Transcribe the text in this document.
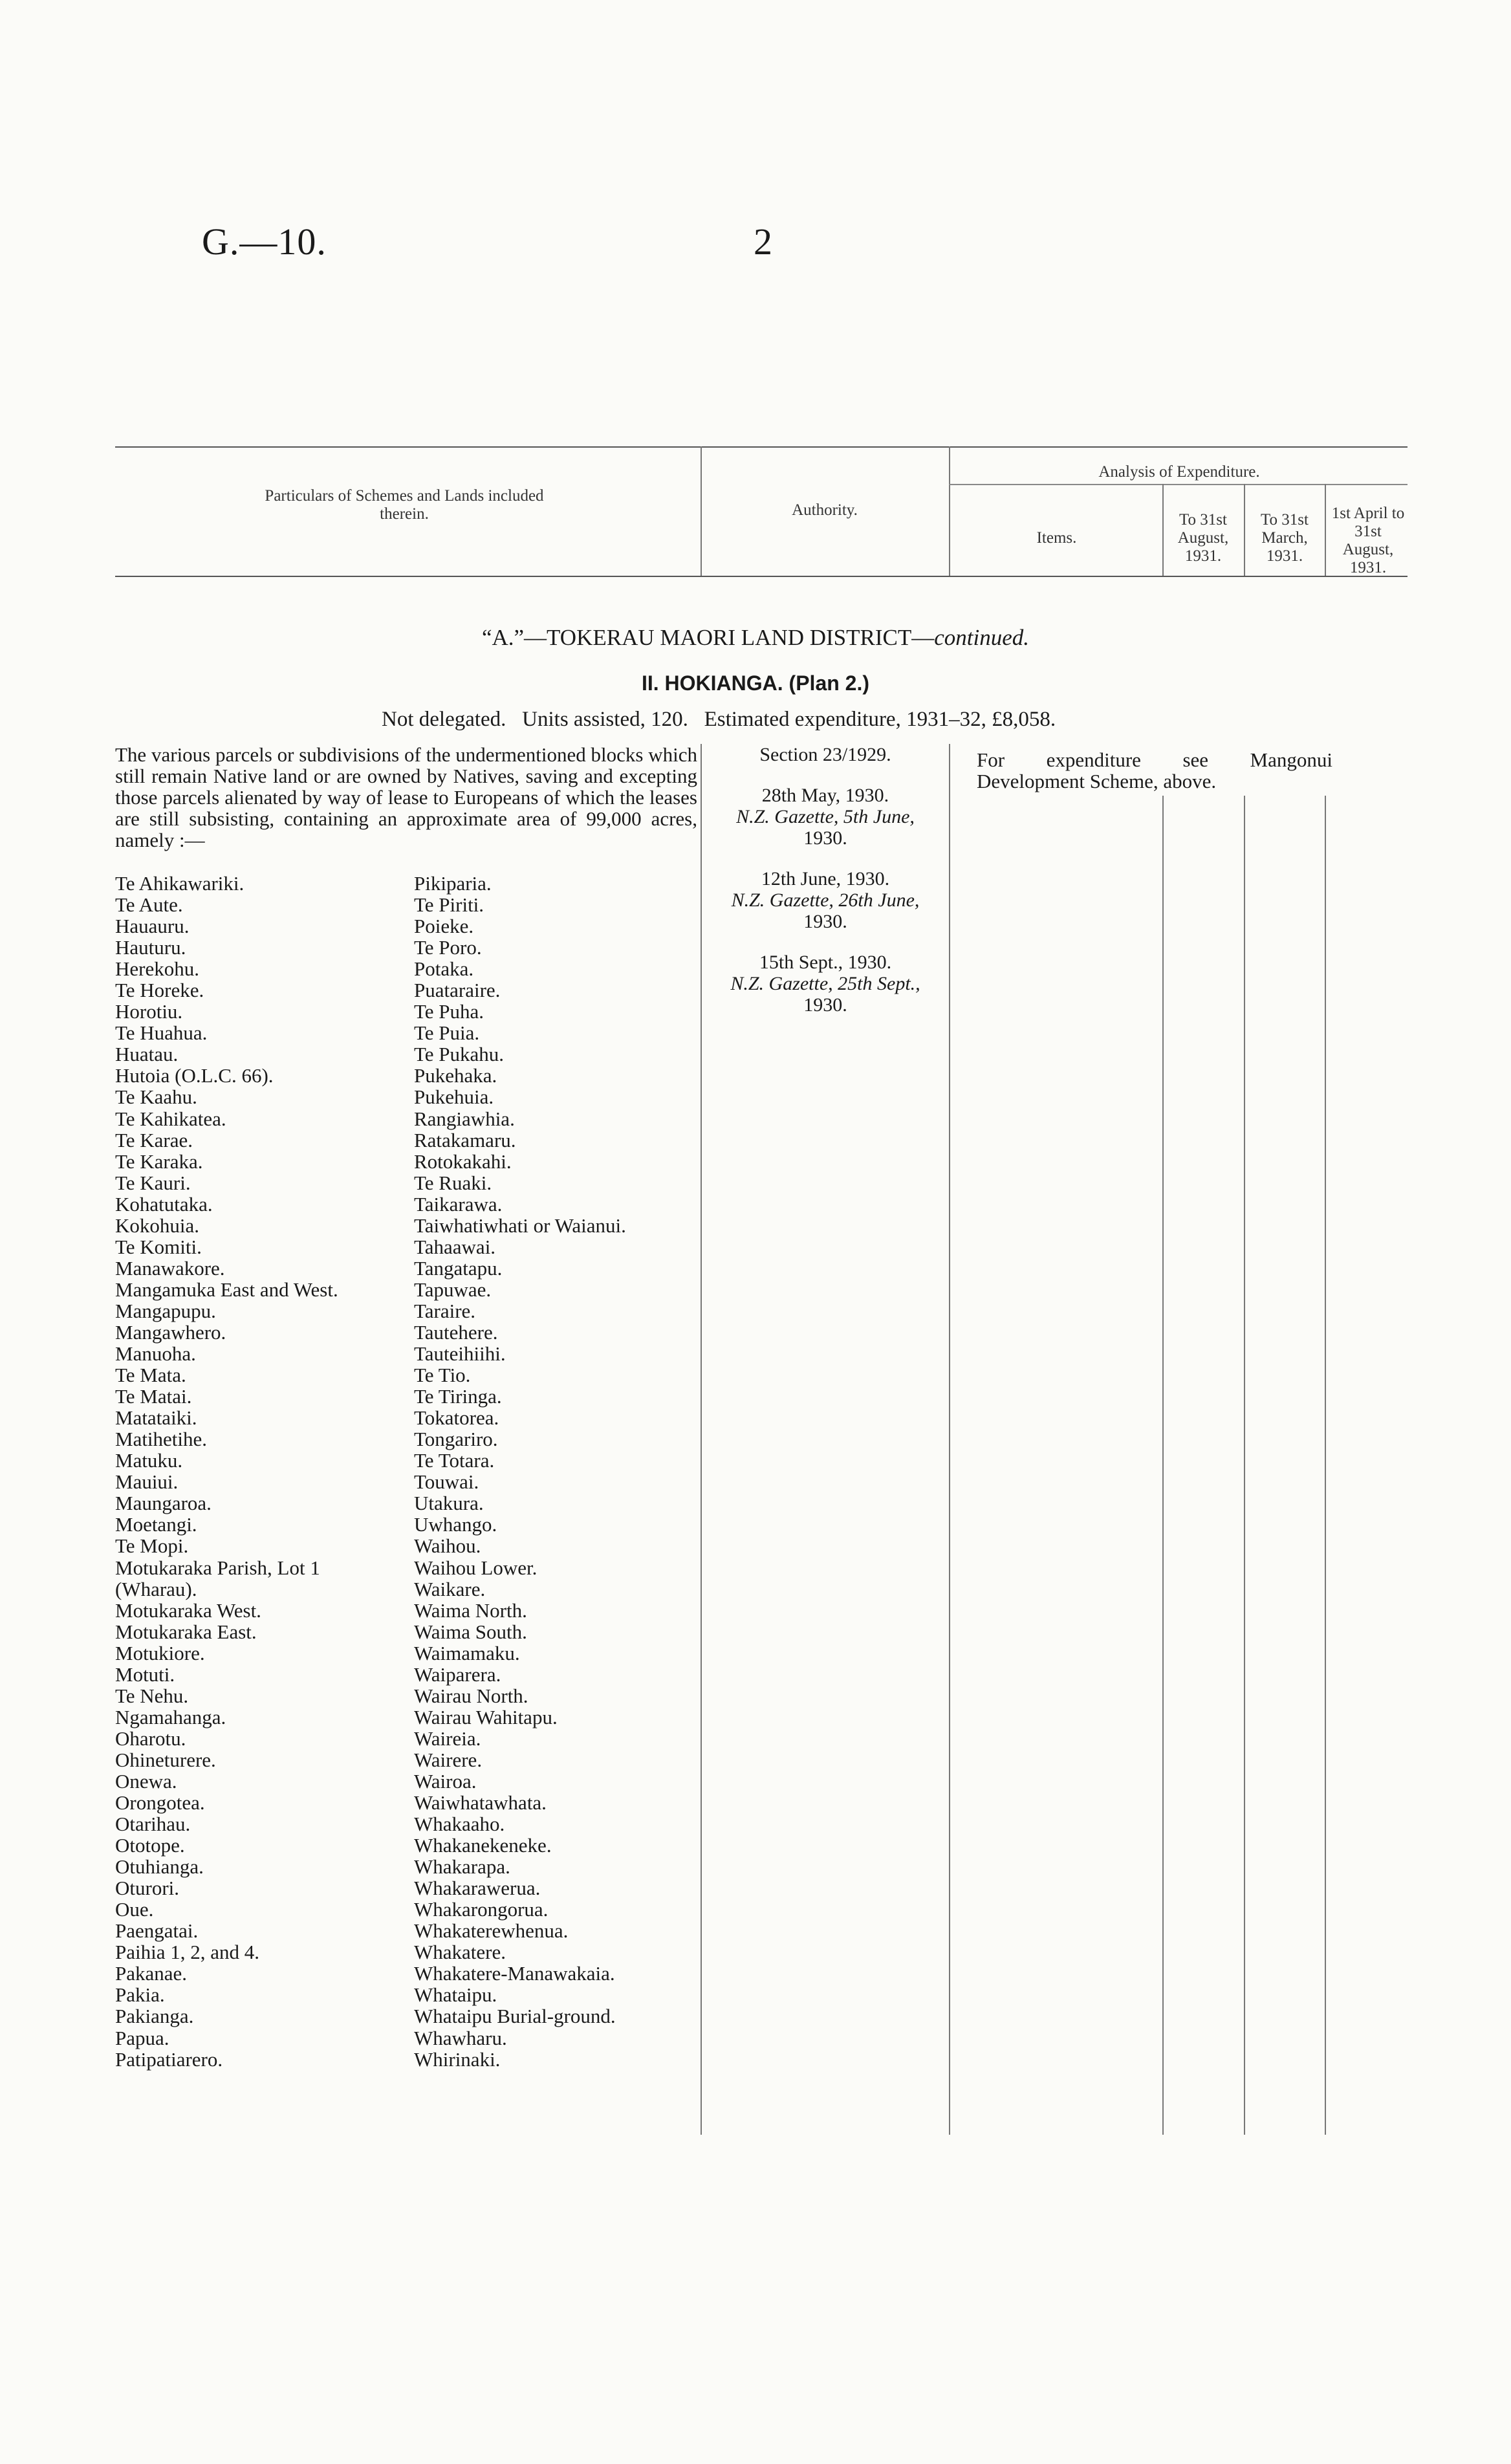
G.—10.	2
Particulars of Schemes and Lands included therein.	Authority.
Analysis of Expenditure.
Items.
To 31st August, 1931.
To 31st March, 1931.
1st April to 31st August, 1931.
“A.”—TOKERAU MAORI LAND DISTRICT—continued.
II. HOKIANGA. (Plan 2.)
Not delegated.   Units assisted, 120.   Estimated expenditure, 1931–32, £8,058.
The various parcels or subdivisions of the undermentioned blocks which still remain Native land or are owned by Natives, saving and excepting those parcels alienated by way of lease to Europeans of which the leases are still subsisting, containing an approximate area of 99,000 acres, namely :—
Te Ahikawariki.
Te Aute.
Hauauru.
Hauturu.
Herekohu.
Te Horeke.
Horotiu.
Te Huahua.
Huatau.
Hutoia (O.L.C. 66).
Te Kaahu.
Te Kahikatea.
Te Karae.
Te Karaka.
Te Kauri.
Kohatutaka.
Kokohuia.
Te Komiti.
Manawakore.
Mangamuka East and West.
Mangapupu.
Mangawhero.
Manuoha.
Te Mata.
Te Matai.
Matataiki.
Matihetihe.
Matuku.
Mauiui.
Maungaroa.
Moetangi.
Te Mopi.
Motukaraka Parish, Lot 1
(Wharau).
Motukaraka West.
Motukaraka East.
Motukiore.
Motuti.
Te Nehu.
Ngamahanga.
Oharotu.
Ohineturere.
Onewa.
Orongotea.
Otarihau.
Ototope.
Otuhianga.
Oturori.
Oue.
Paengatai.
Paihia 1, 2, and 4.
Pakanae.
Pakia.
Pakianga.
Papua.
Patipatiarero.
Pikiparia.
Te Piriti.
Poieke.
Te Poro.
Potaka.
Puataraire.
Te Puha.
Te Puia.
Te Pukahu.
Pukehaka.
Pukehuia.
Rangiawhia.
Ratakamaru.
Rotokakahi.
Te Ruaki.
Taikarawa.
Taiwhatiwhati or Waianui.
Tahaawai.
Tangatapu.
Tapuwae.
Taraire.
Tautehere.
Tauteihiihi.
Te Tio.
Te Tiringa.
Tokatorea.
Tongariro.
Te Totara.
Touwai.
Utakura.
Uwhango.
Waihou.
Waihou Lower.
Waikare.
Waima North.
Waima South.
Waimamaku.
Waiparera.
Wairau North.
Wairau Wahitapu.
Waireia.
Wairere.
Wairoa.
Waiwhatawhata.
Whakaaho.
Whakanekeneke.
Whakarapa.
Whakarawerua.
Whakarongorua.
Whakaterewhenua.
Whakatere.
Whakatere-Manawakaia.
Whataipu.
Whataipu Burial-ground.
Whawharu.
Whirinaki.
Section 23/1929.
28th May, 1930.
N.Z. Gazette, 5th June,
1930.
12th June, 1930.
N.Z. Gazette, 26th June,
1930.
15th Sept., 1930.
N.Z. Gazette, 25th Sept.,
1930.
For expenditure see Mangonui Development Scheme, above.
